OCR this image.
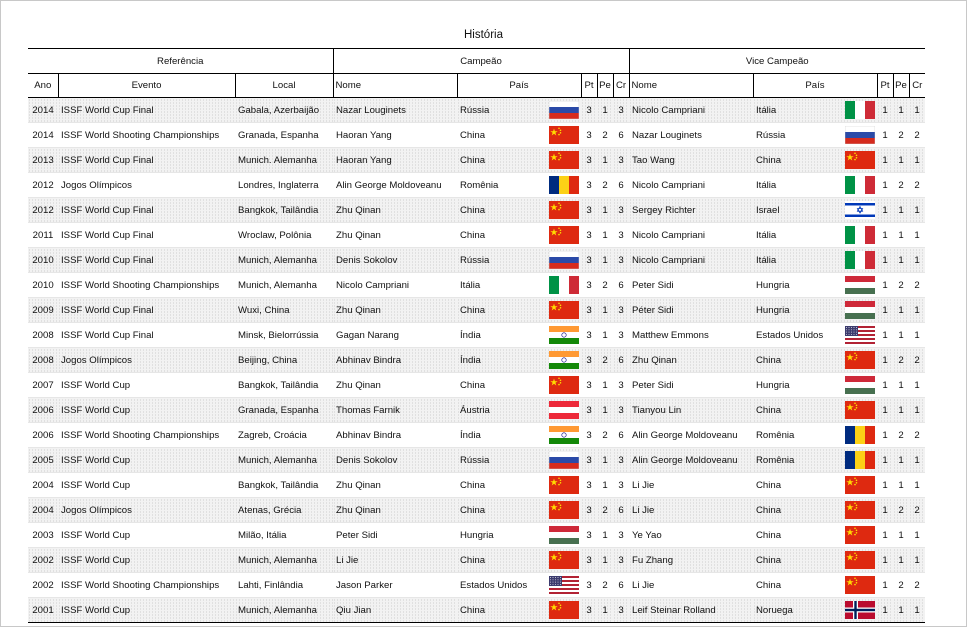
História
Referência			Campeão						Vice Campeão					
Ano	Evento	Local	Nome	País		Pt	Pe	Cr	Nome	País		Pt	Pe	Cr
2014	ISSF World Cup Final	Gabala, Azerbaijão	Nazar Louginets	Rússia		3	1	3	Nicolo Campriani	Itália		1	1	1
2014	ISSF World Shooting Championships	Granada, Espanha	Haoran Yang	China		3	2	6	Nazar Louginets	Rússia		1	2	2
2013	ISSF World Cup Final	Munich. Alemanha	Haoran Yang	China		3	1	3	Tao Wang	China		1	1	1
2012	Jogos Olímpicos	Londres, Inglaterra	Alin George Moldoveanu	Romênia		3	2	6	Nicolo Campriani	Itália		1	2	2
2012	ISSF World Cup Final	Bangkok, Tailândia	Zhu Qinan	China		3	1	3	Sergey Richter	Israel		1	1	1
2011	ISSF World Cup Final	Wroclaw, Polônia	Zhu Qinan	China		3	1	3	Nicolo Campriani	Itália		1	1	1
2010	ISSF World Cup Final	Munich, Alemanha	Denis Sokolov	Rússia		3	1	3	Nicolo Campriani	Itália		1	1	1
2010	ISSF World Shooting Championships	Munich, Alemanha	Nicolo Campriani	Itália		3	2	6	Peter Sidi	Hungria		1	2	2
2009	ISSF World Cup Final	Wuxi, China	Zhu Qinan	China		3	1	3	Péter Sidi	Hungria		1	1	1
2008	ISSF World Cup Final	Minsk, Bielorrússia	Gagan Narang	Índia		3	1	3	Matthew Emmons	Estados Unidos		1	1	1
2008	Jogos Olímpicos	Beijing, China	Abhinav Bindra	Índia		3	2	6	Zhu Qinan	China		1	2	2
2007	ISSF World Cup	Bangkok, Tailândia	Zhu Qinan	China		3	1	3	Peter Sidi	Hungria		1	1	1
2006	ISSF World Cup	Granada, Espanha	Thomas Farnik	Áustria		3	1	3	Tianyou Lin	China		1	1	1
2006	ISSF World Shooting Championships	Zagreb, Croácia	Abhinav Bindra	Índia		3	2	6	Alin George Moldoveanu	Romênia		1	2	2
2005	ISSF World Cup	Munich, Alemanha	Denis Sokolov	Rússia		3	1	3	Alin George Moldoveanu	Romênia		1	1	1
2004	ISSF World Cup	Bangkok, Tailândia	Zhu Qinan	China		3	1	3	Li Jie	China		1	1	1
2004	Jogos Olímpicos	Atenas, Grécia	Zhu Qinan	China		3	2	6	Li Jie	China		1	2	2
2003	ISSF World Cup	Milão, Itália	Peter Sidi	Hungria		3	1	3	Ye Yao	China		1	1	1
2002	ISSF World Cup	Munich, Alemanha	Li Jie	China		3	1	3	Fu Zhang	China		1	1	1
2002	ISSF World Shooting Championships	Lahti, Finlândia	Jason Parker	Estados Unidos		3	2	6	Li Jie	China		1	2	2
2001	ISSF World Cup	Munich, Alemanha	Qiu Jian	China		3	1	3	Leif Steinar Rolland	Noruega		1	1	1
